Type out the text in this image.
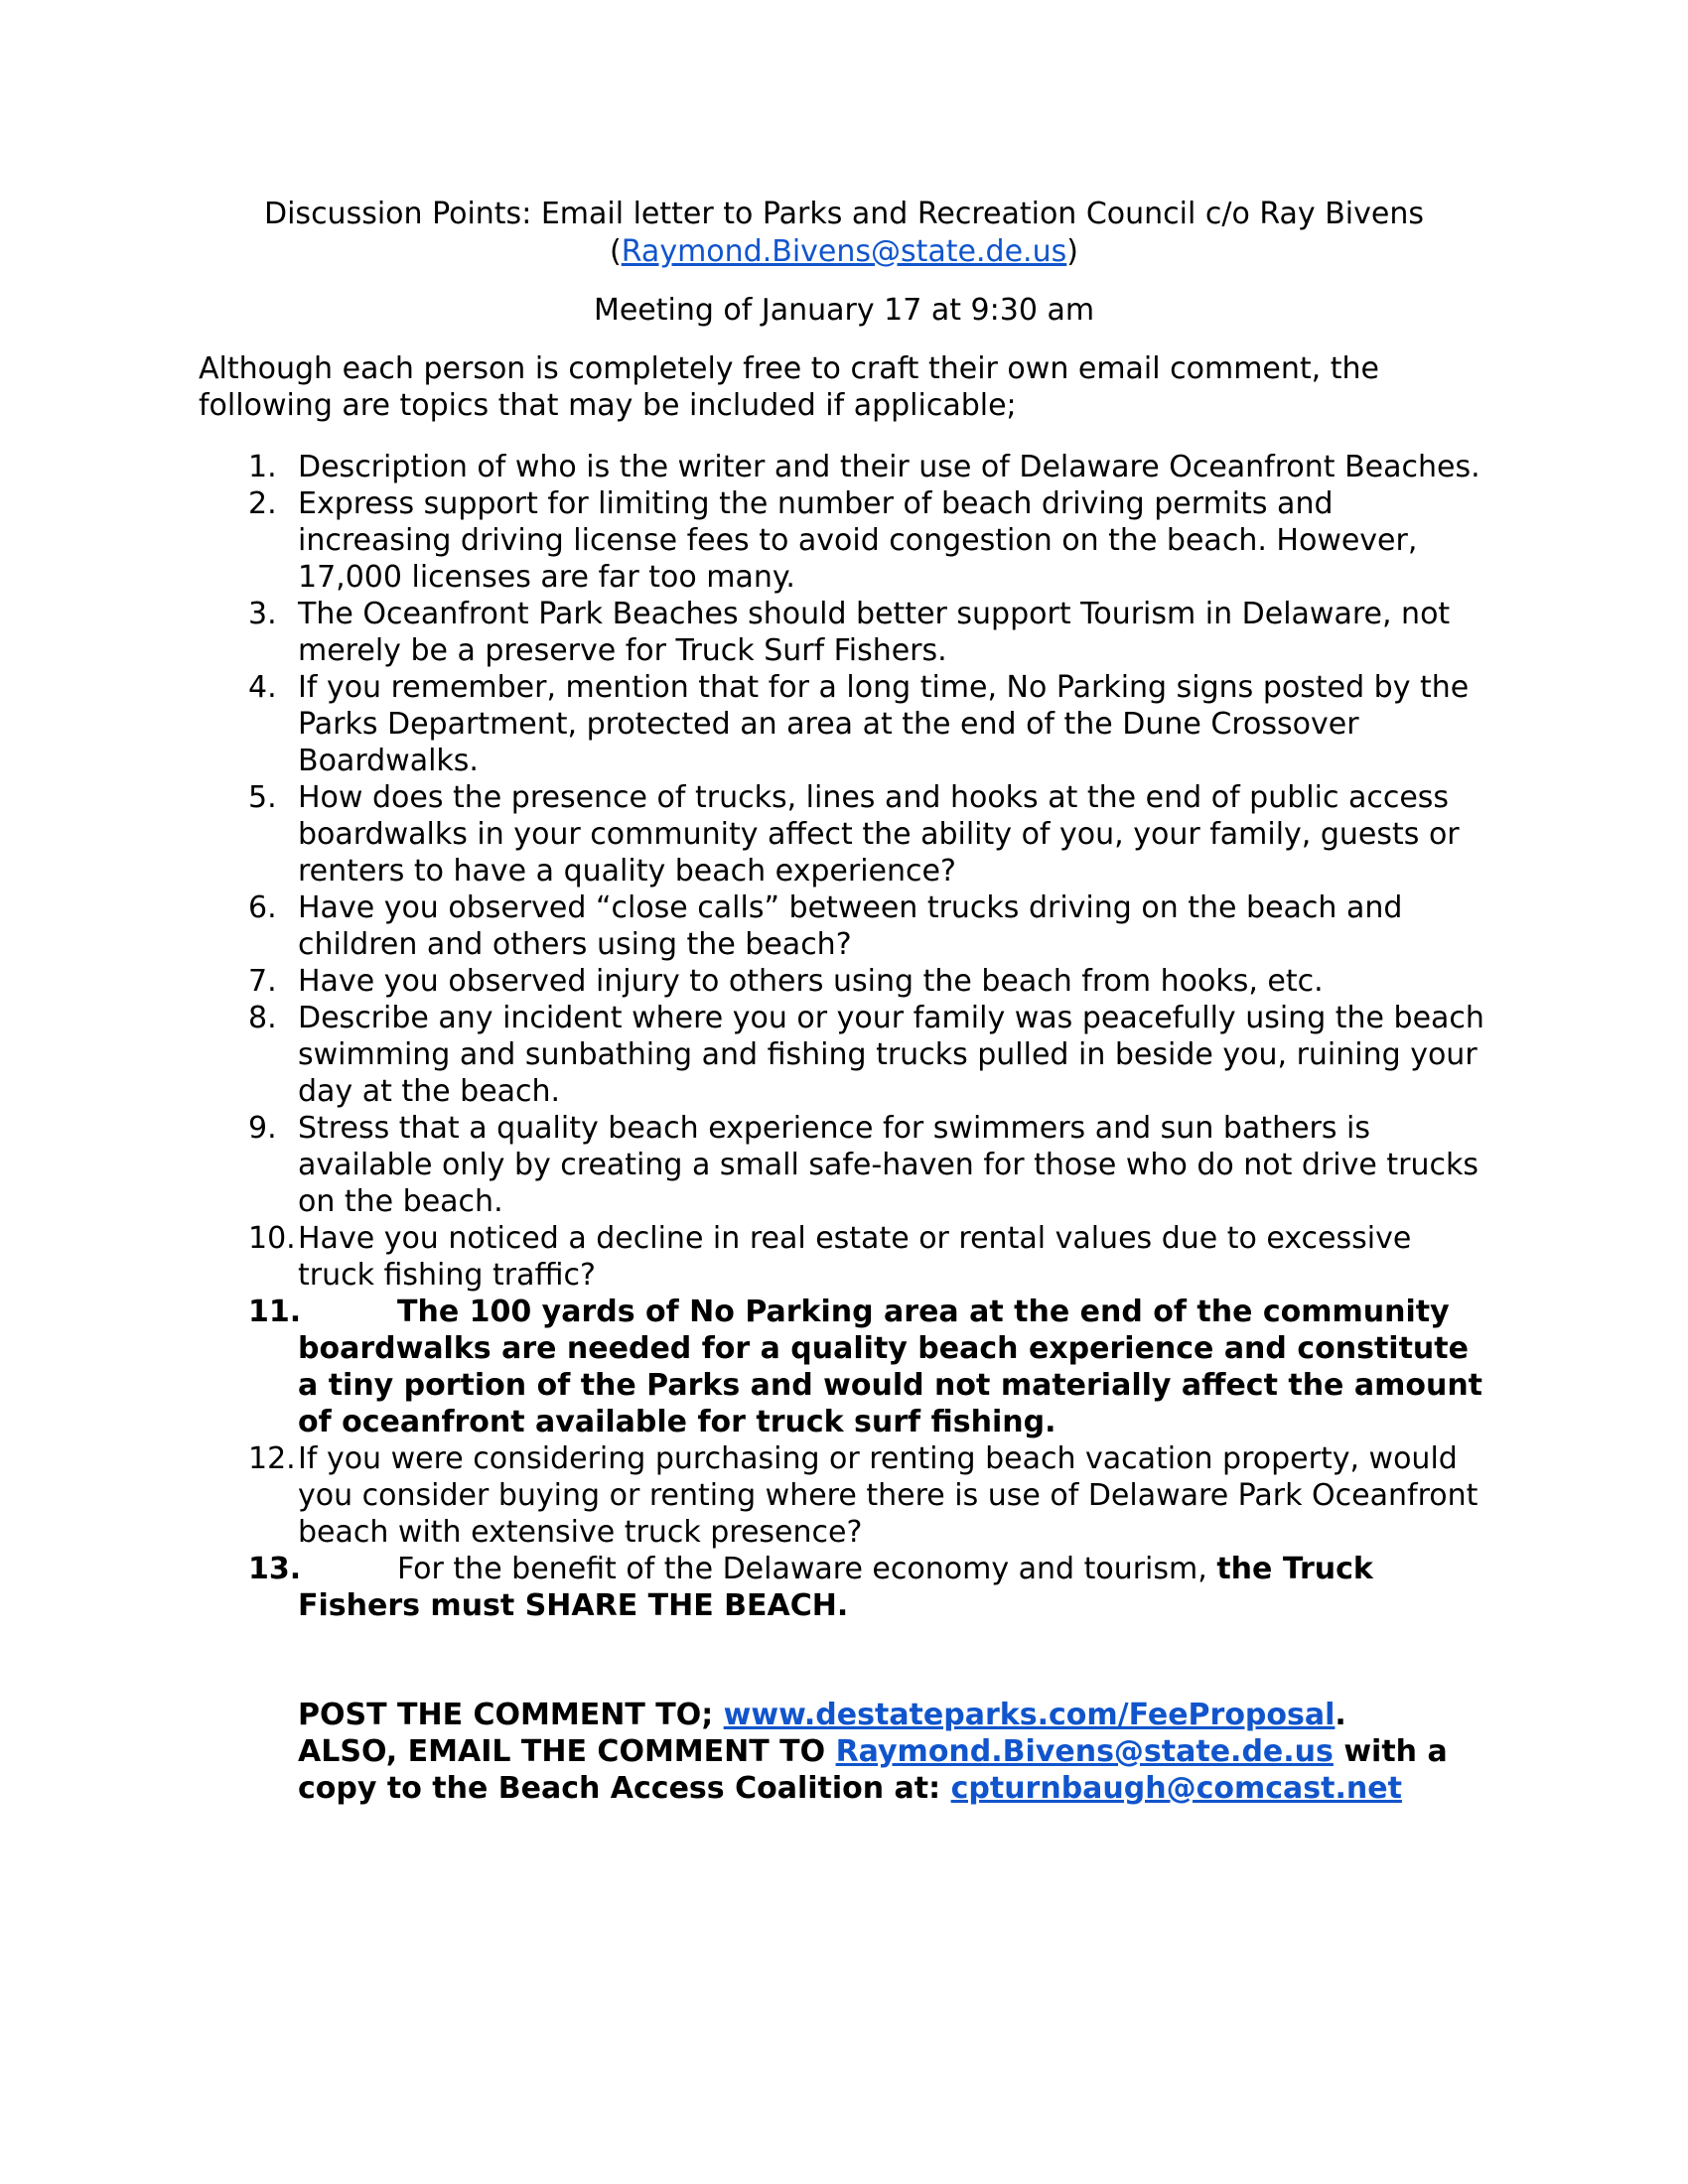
Discussion Points: Email letter to Parks and Recreation Council c/o Ray Bivens
(Raymond.Bivens@state.de.us)
Meeting of January 17 at 9:30 am
Although each person is completely free to craft their own email comment, the following are topics that may be included if applicable;
1. Description of who is the writer and their use of Delaware Oceanfront Beaches.
2. Express support for limiting the number of beach driving permits and increasing driving license fees to avoid congestion on the beach. However, 17,000 licenses are far too many.
3. The Oceanfront Park Beaches should better support Tourism in Delaware, not merely be a preserve for Truck Surf Fishers.
4. If you remember, mention that for a long time, No Parking signs posted by the Parks Department, protected an area at the end of the Dune Crossover Boardwalks.
5. How does the presence of trucks, lines and hooks at the end of public access boardwalks in your community affect the ability of you, your family, guests or renters to have a quality beach experience?
6. Have you observed “close calls” between trucks driving on the beach and children and others using the beach?
7. Have you observed injury to others using the beach from hooks, etc.
8. Describe any incident where you or your family was peacefully using the beach swimming and sunbathing and fishing trucks pulled in beside you, ruining your day at the beach.
9. Stress that a quality beach experience for swimmers and sun bathers is available only by creating a small safe-haven for those who do not drive trucks on the beach.
10. Have you noticed a decline in real estate or rental values due to excessive truck fishing traffic?
11.	The 100 yards of No Parking area at the end of the community boardwalks are needed for a quality beach experience and constitute a tiny portion of the Parks and would not materially affect the amount of oceanfront available for truck surf fishing.
12. If you were considering purchasing or renting beach vacation property, would you consider buying or renting where there is use of Delaware Park Oceanfront beach with extensive truck presence?
13.	For the benefit of the Delaware economy and tourism, the Truck Fishers must SHARE THE BEACH.
POST THE COMMENT TO; www.destateparks.com/FeeProposal.
ALSO, EMAIL THE COMMENT TO Raymond.Bivens@state.de.us with a copy to the Beach Access Coalition at: cpturnbaugh@comcast.net
